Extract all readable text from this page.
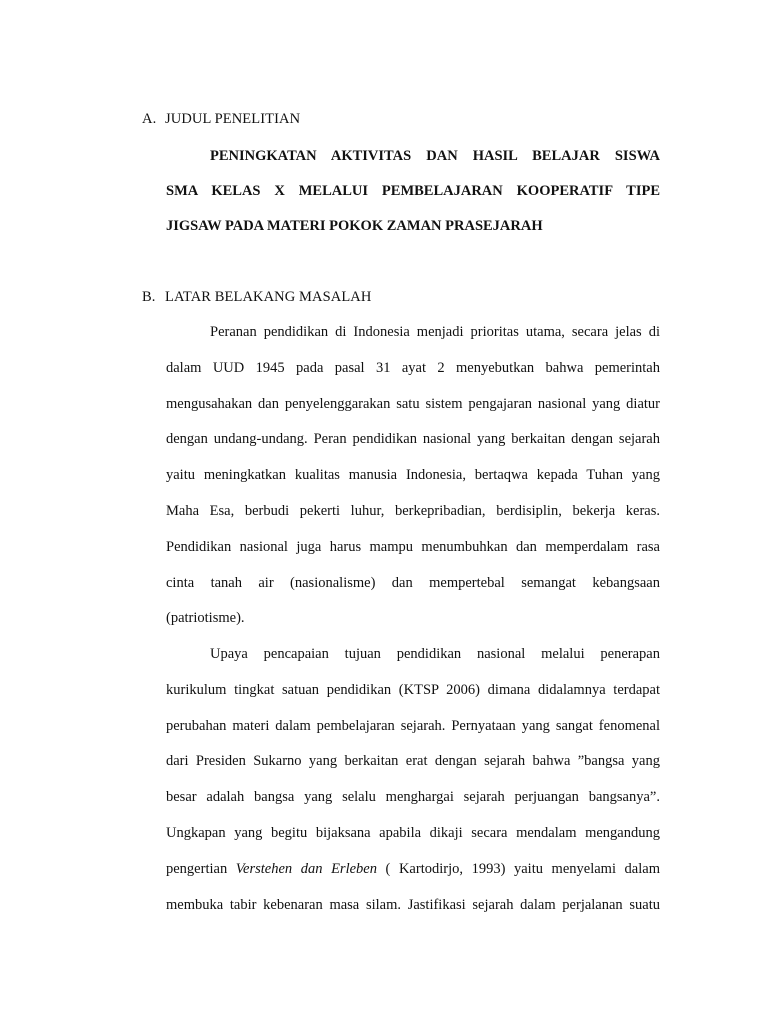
A. JUDUL PENELITIAN
PENINGKATAN AKTIVITAS DAN HASIL BELAJAR SISWA
SMA KELAS X MELALUI PEMBELAJARAN KOOPERATIF TIPE
JIGSAW PADA MATERI POKOK ZAMAN PRASEJARAH
B. LATAR BELAKANG MASALAH
Peranan pendidikan di Indonesia menjadi prioritas utama, secara jelas di
dalam UUD 1945 pada pasal 31 ayat 2 menyebutkan bahwa pemerintah
mengusahakan dan penyelenggarakan satu sistem pengajaran nasional yang diatur
dengan undang-undang. Peran pendidikan nasional yang berkaitan dengan sejarah
yaitu meningkatkan kualitas manusia Indonesia, bertaqwa kepada Tuhan yang
Maha Esa, berbudi pekerti luhur, berkepribadian, berdisiplin, bekerja keras.
Pendidikan nasional juga harus mampu menumbuhkan dan memperdalam rasa
cinta tanah air (nasionalisme) dan mempertebal semangat kebangsaan
(patriotisme).
Upaya pencapaian tujuan pendidikan nasional melalui penerapan
kurikulum tingkat satuan pendidikan (KTSP 2006) dimana didalamnya terdapat
perubahan materi dalam pembelajaran sejarah. Pernyataan yang sangat fenomenal
dari Presiden Sukarno yang berkaitan erat dengan sejarah bahwa ”bangsa yang
besar adalah bangsa yang selalu menghargai sejarah perjuangan bangsanya”.
Ungkapan yang begitu bijaksana apabila dikaji secara mendalam mengandung
pengertian Verstehen dan Erleben ( Kartodirjo, 1993) yaitu menyelami dalam
membuka tabir kebenaran masa silam. Jastifikasi sejarah dalam perjalanan suatu
